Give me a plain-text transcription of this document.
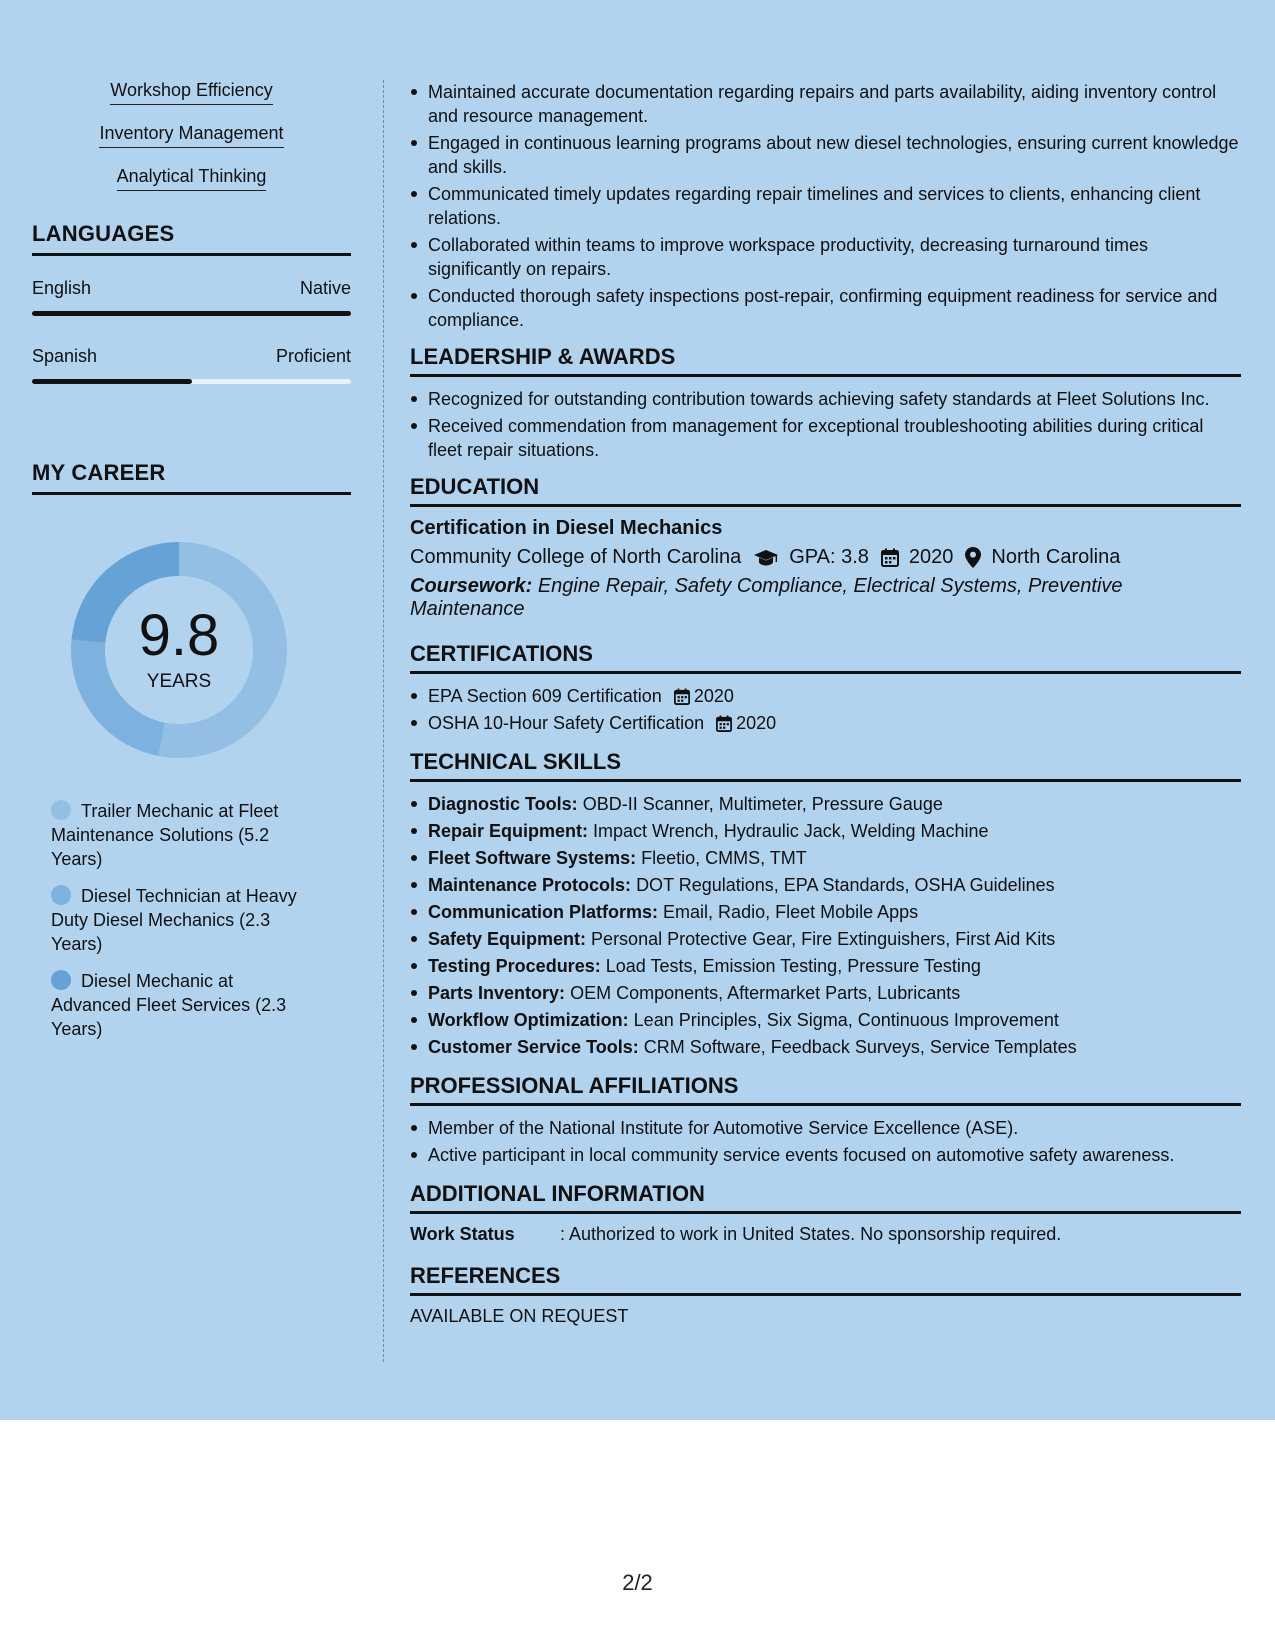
Workshop Efficiency
Inventory Management
Analytical Thinking
LANGUAGES
English	Native
Spanish	Proficient
MY CAREER
9.8
YEARS
Trailer Mechanic at Fleet Maintenance Solutions (5.2 Years)
Diesel Technician at Heavy Duty Diesel Mechanics (2.3 Years)
Diesel Mechanic at Advanced Fleet Services (2.3 Years)
Maintained accurate documentation regarding repairs and parts availability, aiding inventory control and resource management.
Engaged in continuous learning programs about new diesel technologies, ensuring current knowledge and skills.
Communicated timely updates regarding repair timelines and services to clients, enhancing client relations.
Collaborated within teams to improve workspace productivity, decreasing turnaround times significantly on repairs.
Conducted thorough safety inspections post-repair, confirming equipment readiness for service and compliance.
LEADERSHIP & AWARDS
Recognized for outstanding contribution towards achieving safety standards at Fleet Solutions Inc.
Received commendation from management for exceptional troubleshooting abilities during critical fleet repair situations.
EDUCATION
Certification in Diesel Mechanics
Community College of North Carolina GPA: 3.8 2020 North Carolina
Coursework: Engine Repair, Safety Compliance, Electrical Systems, Preventive Maintenance
CERTIFICATIONS
EPA Section 609 Certification 2020
OSHA 10-Hour Safety Certification 2020
TECHNICAL SKILLS
Diagnostic Tools: OBD-II Scanner, Multimeter, Pressure Gauge
Repair Equipment: Impact Wrench, Hydraulic Jack, Welding Machine
Fleet Software Systems: Fleetio, CMMS, TMT
Maintenance Protocols: DOT Regulations, EPA Standards, OSHA Guidelines
Communication Platforms: Email, Radio, Fleet Mobile Apps
Safety Equipment: Personal Protective Gear, Fire Extinguishers, First Aid Kits
Testing Procedures: Load Tests, Emission Testing, Pressure Testing
Parts Inventory: OEM Components, Aftermarket Parts, Lubricants
Workflow Optimization: Lean Principles, Six Sigma, Continuous Improvement
Customer Service Tools: CRM Software, Feedback Surveys, Service Templates
PROFESSIONAL AFFILIATIONS
Member of the National Institute for Automotive Service Excellence (ASE).
Active participant in local community service events focused on automotive safety awareness.
ADDITIONAL INFORMATION
Work Status	: Authorized to work in United States. No sponsorship required.
REFERENCES
AVAILABLE ON REQUEST
2/2
